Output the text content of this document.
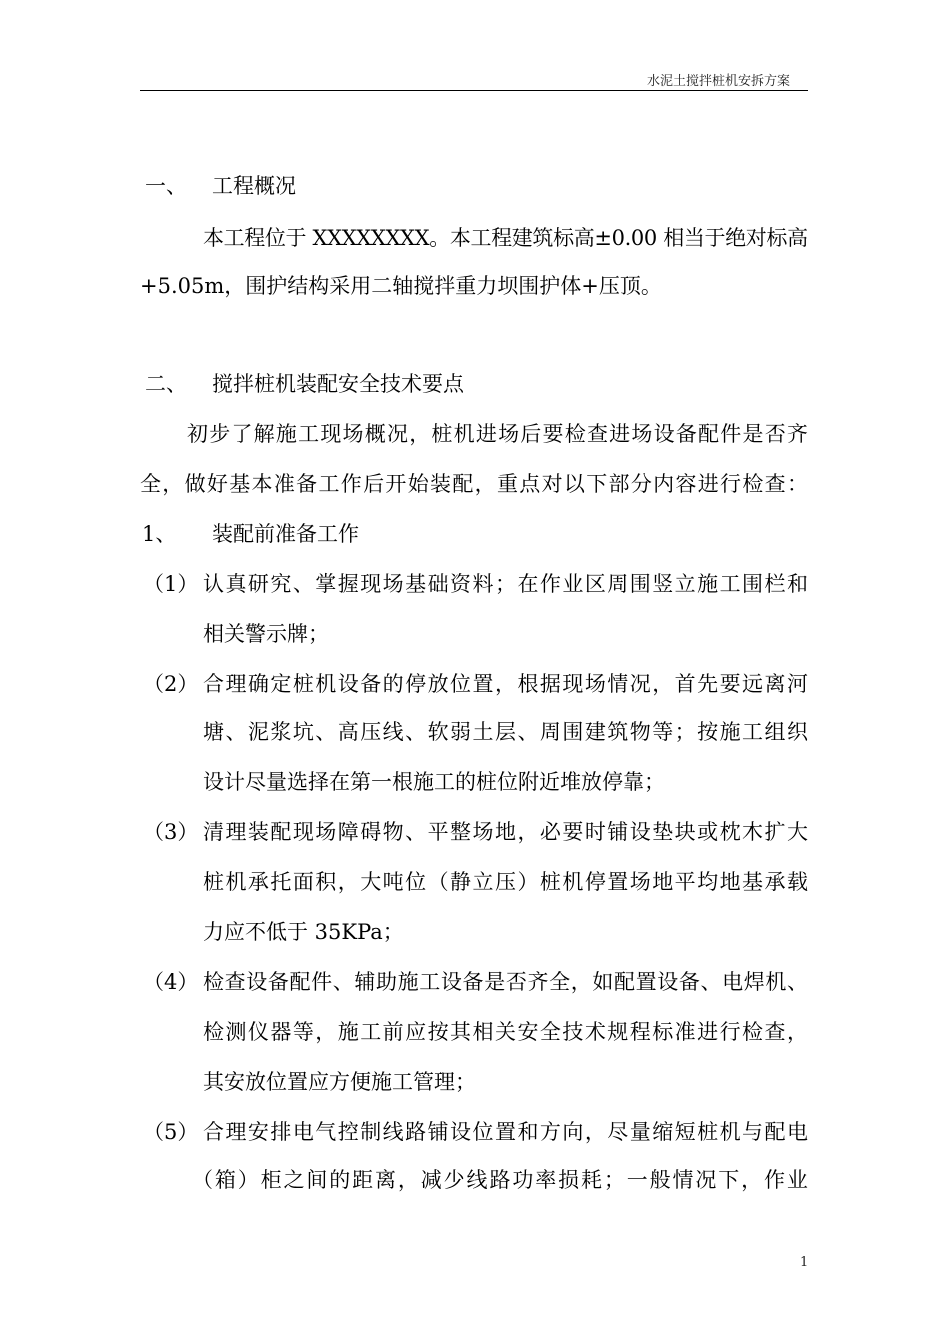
水泥土搅拌桩机安拆方案
一、 工程概况
本工程位于 XXXXXXXX。本工程建筑标高±0.00 相当于绝对标高
+5.05m，围护结构采用二轴搅拌重力坝围护体+压顶。
二、 搅拌桩机装配安全技术要点
初步了解施工现场概况，桩机进场后要检查进场设备配件是否齐
全，做好基本准备工作后开始装配，重点对以下部分内容进行检查：
1、 装配前准备工作
（1） 认真研究、掌握现场基础资料；在作业区周围竖立施工围栏和
相关警示牌；
（2） 合理确定桩机设备的停放位置，根据现场情况，首先要远离河
塘、泥浆坑、高压线、软弱土层、周围建筑物等；按施工组织
设计尽量选择在第一根施工的桩位附近堆放停靠；
（3） 清理装配现场障碍物、平整场地，必要时铺设垫块或枕木扩大
桩机承托面积，大吨位（静立压）桩机停置场地平均地基承载
力应不低于 35KPa；
（4） 检查设备配件、辅助施工设备是否齐全，如配置设备、电焊机、
检测仪器等，施工前应按其相关安全技术规程标准进行检查，
其安放位置应方便施工管理；
（5） 合理安排电气控制线路铺设位置和方向，尽量缩短桩机与配电
（箱）柜之间的距离，减少线路功率损耗；一般情况下，作业
1
